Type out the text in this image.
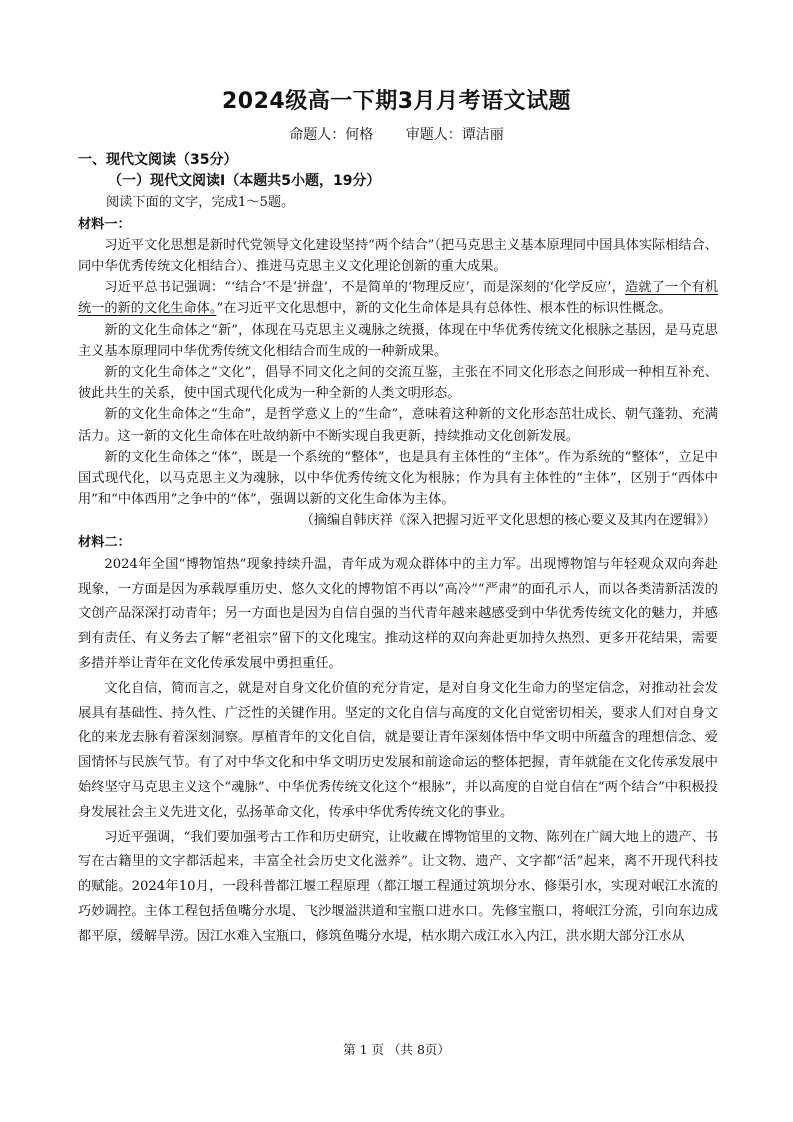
2024级高一下期3月月考语文试题
命题人：何格 审题人：谭洁丽

一、现代文阅读（35分）

（一）现代文阅读Ⅰ（本题共5小题，19分）

阅读下面的文字，完成1～5题。

材料一：

习近平文化思想是新时代党领导文化建设坚持“两个结合”（把马克思主义基本原理同中国具体实际相结合、同中华优秀传统文化相结合）、推进马克思主义文化理论创新的重大成果。

习近平总书记强调：“‘结合’不是‘拼盘’，不是简单的‘物理反应’，而是深刻的‘化学反应’，造就了一个有机统一的新的文化生命体。”在习近平文化思想中，新的文化生命体是具有总体性、根本性的标识性概念。

新的文化生命体之“新”，体现在马克思主义魂脉之统摄，体现在中华优秀传统文化根脉之基因，是马克思主义基本原理同中华优秀传统文化相结合而生成的一种新成果。

新的文化生命体之“文化”，倡导不同文化之间的交流互鉴，主张在不同文化形态之间形成一种相互补充、彼此共生的关系，使中国式现代化成为一种全新的人类文明形态。

新的文化生命体之“生命”，是哲学意义上的“生命”，意味着这种新的文化形态茁壮成长、朝气蓬勃、充满活力。这一新的文化生命体在吐故纳新中不断实现自我更新，持续推动文化创新发展。

新的文化生命体之“体”，既是一个系统的“整体”，也是具有主体性的“主体”。作为系统的“整体”，立足中国式现代化，以马克思主义为魂脉，以中华优秀传统文化为根脉；作为具有主体性的“主体”，区别于“西体中用”和“中体西用”之争中的“体”，强调以新的文化生命体为主体。

（摘编自韩庆祥《深入把握习近平文化思想的核心要义及其内在逻辑》）

材料二：

2024年全国“博物馆热”现象持续升温，青年成为观众群体中的主力军。出现博物馆与年轻观众双向奔赴现象，一方面是因为承载厚重历史、悠久文化的博物馆不再以“高冷”“严肃”的面孔示人，而以各类清新活泼的文创产品深深打动青年；另一方面也是因为自信自强的当代青年越来越感受到中华优秀传统文化的魅力，并感到有责任、有义务去了解“老祖宗”留下的文化瑰宝。推动这样的双向奔赴更加持久热烈、更多开花结果，需要多措并举让青年在文化传承发展中勇担重任。

文化自信，简而言之，就是对自身文化价值的充分肯定，是对自身文化生命力的坚定信念，对推动社会发展具有基础性、持久性、广泛性的关键作用。坚定的文化自信与高度的文化自觉密切相关，要求人们对自身文化的来龙去脉有着深刻洞察。厚植青年的文化自信，就是要让青年深刻体悟中华文明中所蕴含的理想信念、爱国情怀与民族气节。有了对中华文化和中华文明历史发展和前途命运的整体把握，青年就能在文化传承发展中始终坚守马克思主义这个“魂脉”、中华优秀传统文化这个“根脉”，并以高度的自觉自信在“两个结合”中积极投身发展社会主义先进文化，弘扬革命文化，传承中华优秀传统文化的事业。

习近平强调，“我们要加强考古工作和历史研究，让收藏在博物馆里的文物、陈列在广阔大地上的遗产、书写在古籍里的文字都活起来，丰富全社会历史文化滋养”。让文物、遗产、文字都“活”起来，离不开现代科技的赋能。2024年10月，一段科普都江堰工程原理（都江堰工程通过筑坝分水、修渠引水，实现对岷江水流的巧妙调控。主体工程包括鱼嘴分水堤、飞沙堰溢洪道和宝瓶口进水口。先修宝瓶口，将岷江分流，引向东边成都平原，缓解旱涝。因江水难入宝瓶口，修筑鱼嘴分水堤，枯水期六成江水入内江，洪水期大部分江水从

第 1 页 （共 8页）
